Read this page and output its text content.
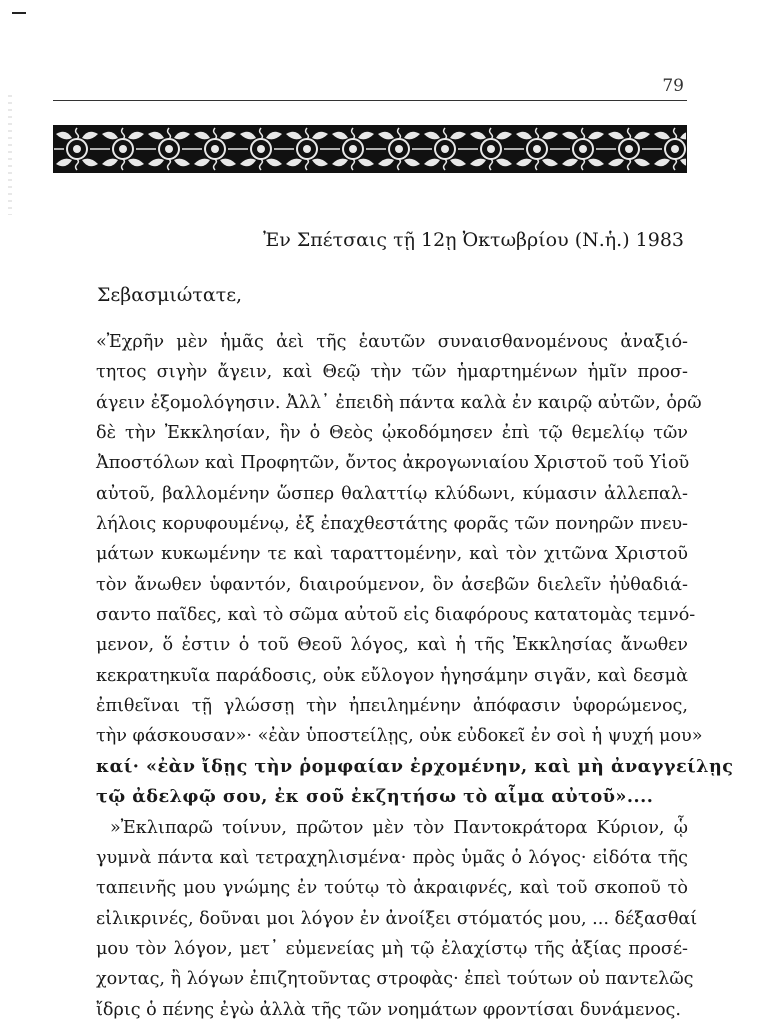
79
Ἐν Σπέτσαις τῇ 12ῃ Ὀκτωβρίου (Ν.ἡ.) 1983
Σεβασμιώτατε,
«Ἐχρῆν μὲν ἡμᾶς ἀεὶ τῆς ἑαυτῶν συναισθανομένους ἀναξιό-
τητος σιγὴν ἄγειν, καὶ Θεῷ τὴν τῶν ἡμαρτημένων ἡμῖν προσ-
άγειν ἐξομολόγησιν. Ἀλλ᾽ ἐπειδὴ πάντα καλὰ ἐν καιρῷ αὐτῶν, ὁρῶ
δὲ τὴν Ἐκκλησίαν, ἣν ὁ Θεὸς ᾠκοδόμησεν ἐπὶ τῷ θεμελίῳ τῶν
Ἀποστόλων καὶ Προφητῶν, ὄντος ἀκρογωνιαίου Χριστοῦ τοῦ Υἱοῦ
αὐτοῦ, βαλλομένην ὥσπερ θαλαττίῳ κλύδωνι, κύμασιν ἀλλεπαλ-
λήλοις κορυφουμένῳ, ἐξ ἐπαχθεστάτης φορᾶς τῶν πονηρῶν πνευ-
μάτων κυκωμένην τε καὶ ταραττομένην, καὶ τὸν χιτῶνα Χριστοῦ
τὸν ἄνωθεν ὑφαντόν, διαιρούμενον, ὃν ἀσεβῶν διελεῖν ἠὐθαδιά-
σαντο παῖδες, καὶ τὸ σῶμα αὐτοῦ εἰς διαφόρους κατατομὰς τεμνό-
μενον, ὅ ἐστιν ὁ τοῦ Θεοῦ λόγος, καὶ ἡ τῆς Ἐκκλησίας ἄνωθεν
κεκρατηκυῖα παράδοσις, οὐκ εὔλογον ἡγησάμην σιγᾶν, καὶ δεσμὰ
ἐπιθεῖναι τῇ γλώσσῃ τὴν ἠπειλημένην ἀπόφασιν ὑφορώμενος,
τὴν φάσκουσαν»· «ἐὰν ὑποστείλῃς, οὐκ εὐδοκεῖ ἐν σοὶ ἡ ψυχή μου»
καί· «ἐὰν ἴδῃς τὴν ῥομφαίαν ἐρχομένην, καὶ μὴ ἀναγγείλῃς
τῷ ἀδελφῷ σου, ἐκ σοῦ ἐκζητήσω τὸ αἷμα αὐτοῦ»....
»Ἐκλιπαρῶ τοίνυν, πρῶτον μὲν τὸν Παντοκράτορα Κύριον, ᾧ
γυμνὰ πάντα καὶ τετραχηλισμένα· πρὸς ὑμᾶς ὁ λόγος· εἰδότα τῆς
ταπεινῆς μου γνώμης ἐν τούτῳ τὸ ἀκραιφνές, καὶ τοῦ σκοποῦ τὸ
εἰλικρινές, δοῦναι μοι λόγον ἐν ἀνοίξει στόματός μου, ... δέξασθαί
μου τὸν λόγον, μετ᾽ εὐμενείας μὴ τῷ ἐλαχίστῳ τῆς ἀξίας προσέ-
χοντας, ἢ λόγων ἐπιζητοῦντας στροφὰς· ἐπεὶ τούτων οὐ παντελῶς
ἴδρις ὁ πένης ἐγὼ ἀλλὰ τῆς τῶν νοημάτων φροντίσαι δυνάμενος.
